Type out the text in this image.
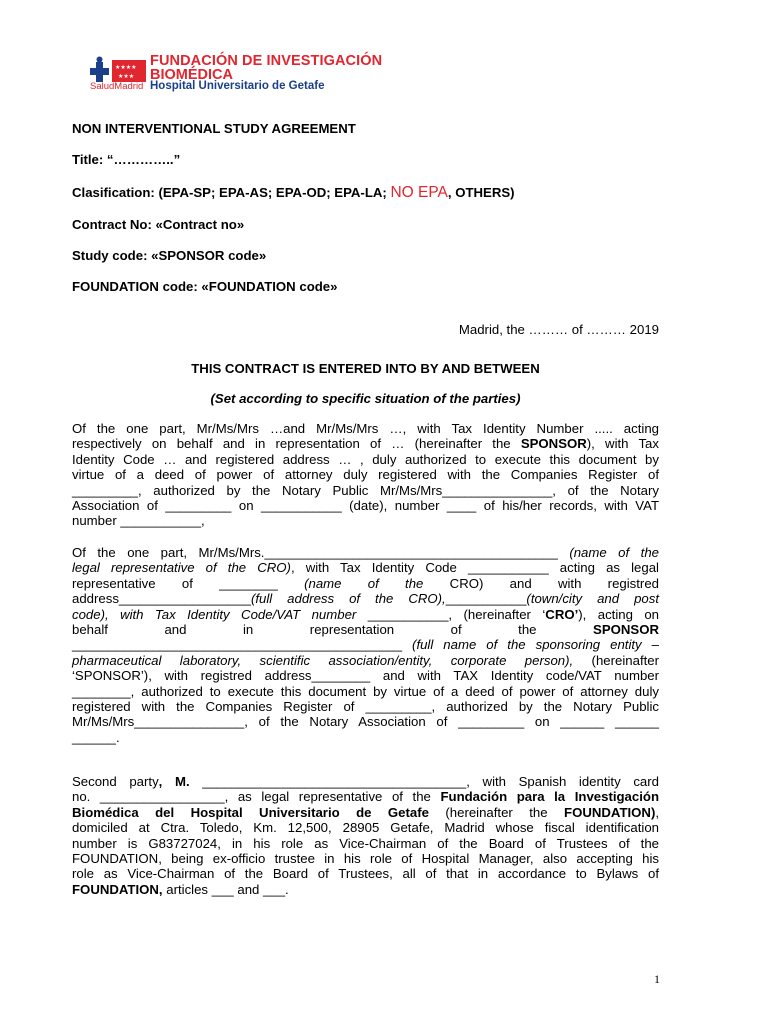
★★★★
★★★
FUNDACIÓN DE INVESTIGACIÓN
BIOMÉDICA
SaludMadrid Hospital Universitario de Getafe
NON INTERVENTIONAL STUDY AGREEMENT
Title: “…………..”
Clasification: (EPA-SP; EPA-AS; EPA-OD; EPA-LA; NO EPA, OTHERS)
Contract No: «Contract no»
Study code: «SPONSOR code»
FOUNDATION code: «FOUNDATION code»
Madrid, the ……… of ……… 2019
THIS CONTRACT IS ENTERED INTO BY AND BETWEEN
(Set according to specific situation of the parties)
Of the one part, Mr/Ms/Mrs …and Mr/Ms/Mrs …, with Tax Identity Number ..... acting
respectively on behalf and in representation of … (hereinafter the SPONSOR), with Tax
Identity Code … and registered address … , duly authorized to execute this document by
virtue of a deed of power of attorney duly registered with the Companies Register of
_________, authorized by the Notary Public Mr/Ms/Mrs_______________, of the Notary
Association of _________ on ___________ (date), number ____ of his/her records, with VAT
number ___________,
Of the one part, Mr/Ms/Mrs.________________________________________ (name of the
legal representative of the CRO), with Tax Identity Code ___________ acting as legal
representative of ________ (name of the CRO) and with registred
address__________________(full address of the CRO),___________(town/city and post
code), with Tax Identity Code/VAT number ___________, (hereinafter ‘CRO’), acting on
behalf and in representation of the SPONSOR
_____________________________________________ (full name of the sponsoring entity –
pharmaceutical laboratory, scientific association/entity, corporate person), (hereinafter
‘SPONSOR’), with registred address________ and with TAX Identity code/VAT number
________, authorized to execute this document by virtue of a deed of power of attorney duly
registered with the Companies Register of _________, authorized by the Notary Public
Mr/Ms/Mrs_______________, of the Notary Association of _________ on ______ ______
______.
Second party, M. ____________________________________, with Spanish identity card
no. _________________, as legal representative of the Fundación para la Investigación
Biomédica del Hospital Universitario de Getafe (hereinafter the FOUNDATION),
domiciled at Ctra. Toledo, Km. 12,500, 28905 Getafe, Madrid whose fiscal identification
number is G83727024, in his role as Vice-Chairman of the Board of Trustees of the
FOUNDATION, being ex-officio trustee in his role of Hospital Manager, also accepting his
role as Vice-Chairman of the Board of Trustees, all of that in accordance to Bylaws of
FOUNDATION, articles ___ and ___.
1
